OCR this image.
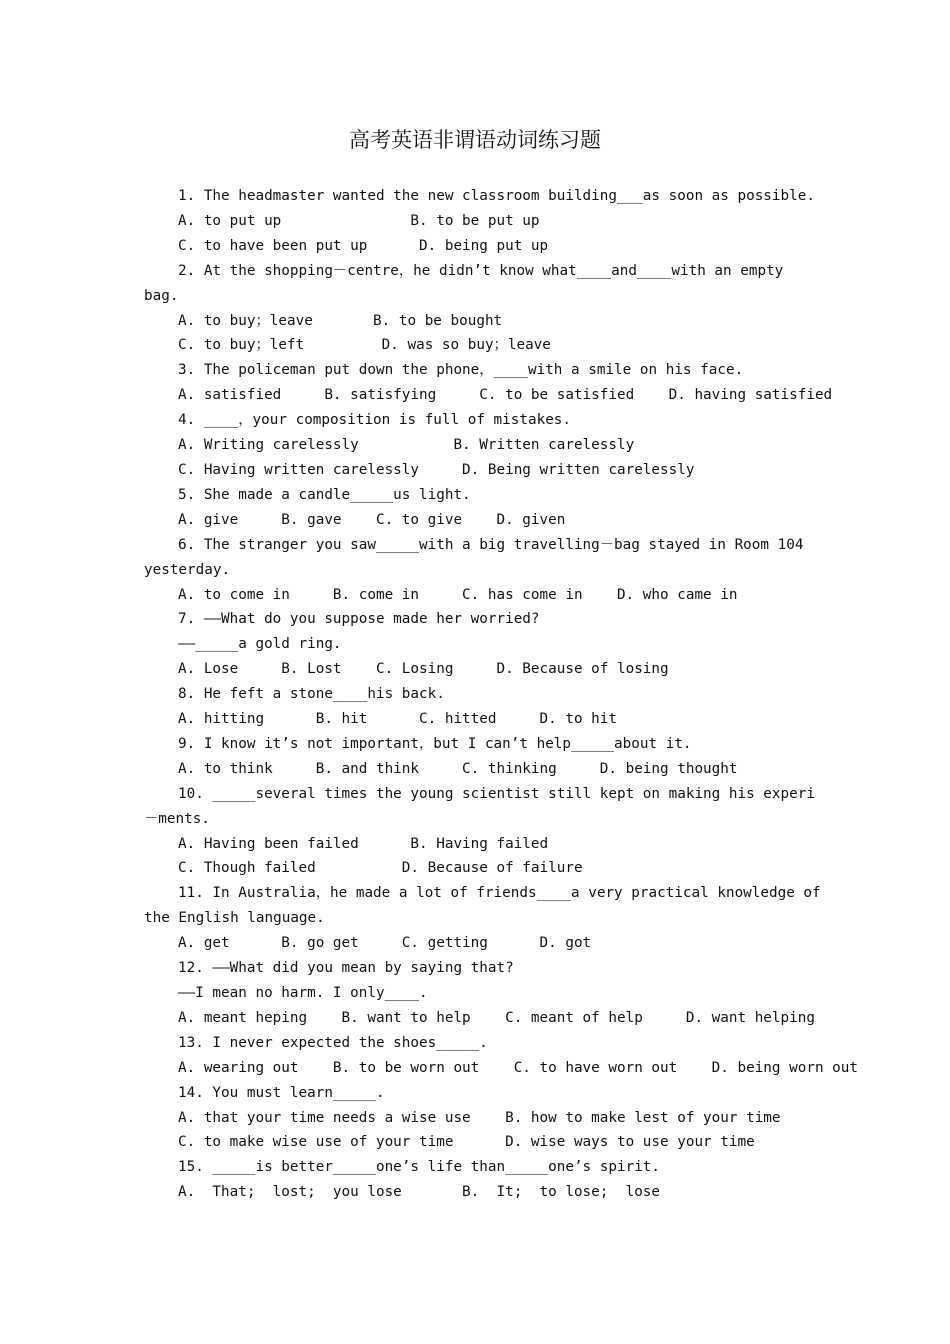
高考英语非谓语动词练习题
1. The headmaster wanted the new classroom building___as soon as possible.
A. to put up               B. to be put up
C. to have been put up      D. being put up
2. At the shopping－centre，he didn’t know what____and____with an empty
bag.
A. to buy；leave       B. to be bought
C. to buy；left         D. was so buy；leave
3. The policeman put down the phone，____with a smile on his face.
A. satisfied     B. satisfying     C. to be satisfied    D. having satisfied
4. ____，your composition is full of mistakes.
A. Writing carelessly           B. Written carelessly
C. Having written carelessly     D. Being written carelessly
5. She made a candle_____us light.
A. give     B. gave    C. to give    D. given
6. The stranger you saw_____with a big travelling－bag stayed in Room 104
yesterday.
A. to come in     B. come in     C. has come in    D. who came in
7. ——What do you suppose made her worried?
——_____a gold ring.
A. Lose     B. Lost    C. Losing     D. Because of losing
8. He feft a stone____his back.
A. hitting      B. hit      C. hitted     D. to hit
9. I know it’s not important，but I can’t help_____about it.
A. to think     B. and think     C. thinking     D. being thought
10. _____several times the young scientist still kept on making his experi
－ments.
A. Having been failed      B. Having failed
C. Though failed          D. Because of failure
11. In Australia，he made a lot of friends____a very practical knowledge of
the English language.
A. get      B. go get     C. getting      D. got
12. ——What did you mean by saying that?
——I mean no harm. I only____.
A. meant heping    B. want to help    C. meant of help     D. want helping
13. I never expected the shoes_____.
A. wearing out    B. to be worn out    C. to have worn out    D. being worn out
14. You must learn_____.
A. that your time needs a wise use    B. how to make lest of your time
C. to make wise use of your time      D. wise ways to use your time
15. _____is better_____one’s life than_____one’s spirit.
A.  That;  lost;  you lose       B.  It;  to lose;  lose
